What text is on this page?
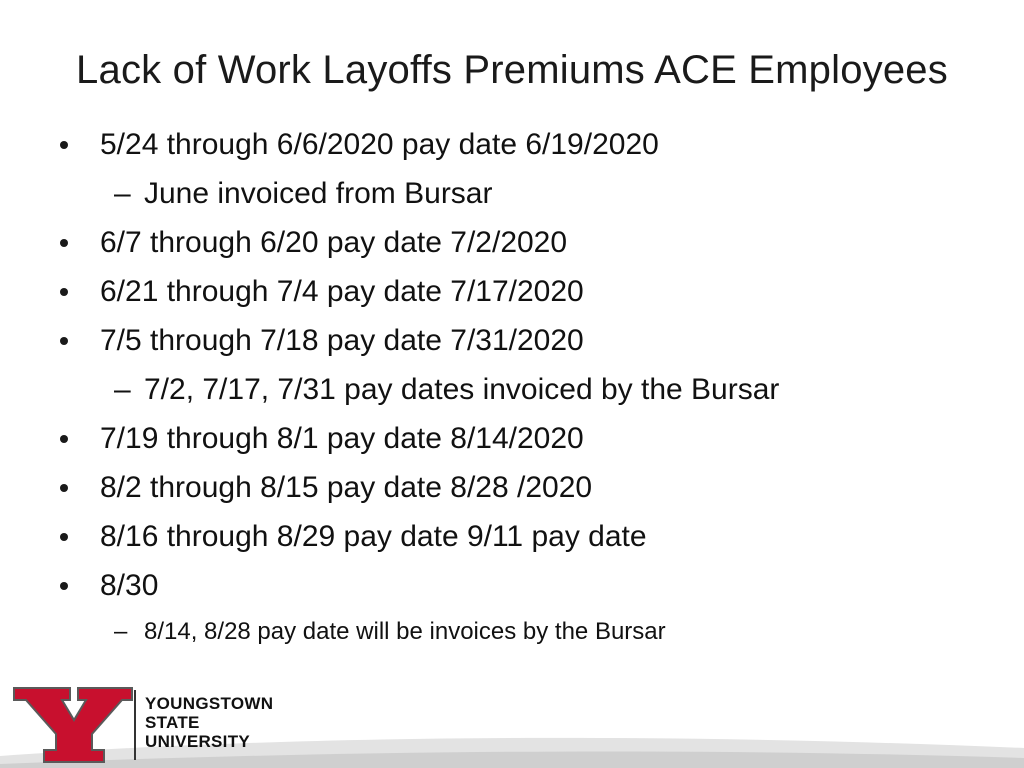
Lack of Work Layoffs Premiums ACE Employees
5/24 through 6/6/2020 pay date 6/19/2020
– June invoiced from Bursar
6/7 through 6/20 pay date 7/2/2020
6/21 through 7/4 pay date 7/17/2020
7/5 through 7/18 pay date 7/31/2020
– 7/2, 7/17, 7/31 pay dates invoiced by the Bursar
7/19 through 8/1 pay date 8/14/2020
8/2 through 8/15 pay date 8/28 /2020
8/16 through 8/29 pay date 9/11 pay date
8/30
– 8/14, 8/28 pay date will be invoices by the Bursar
YOUNGSTOWN
STATE
UNIVERSITY
